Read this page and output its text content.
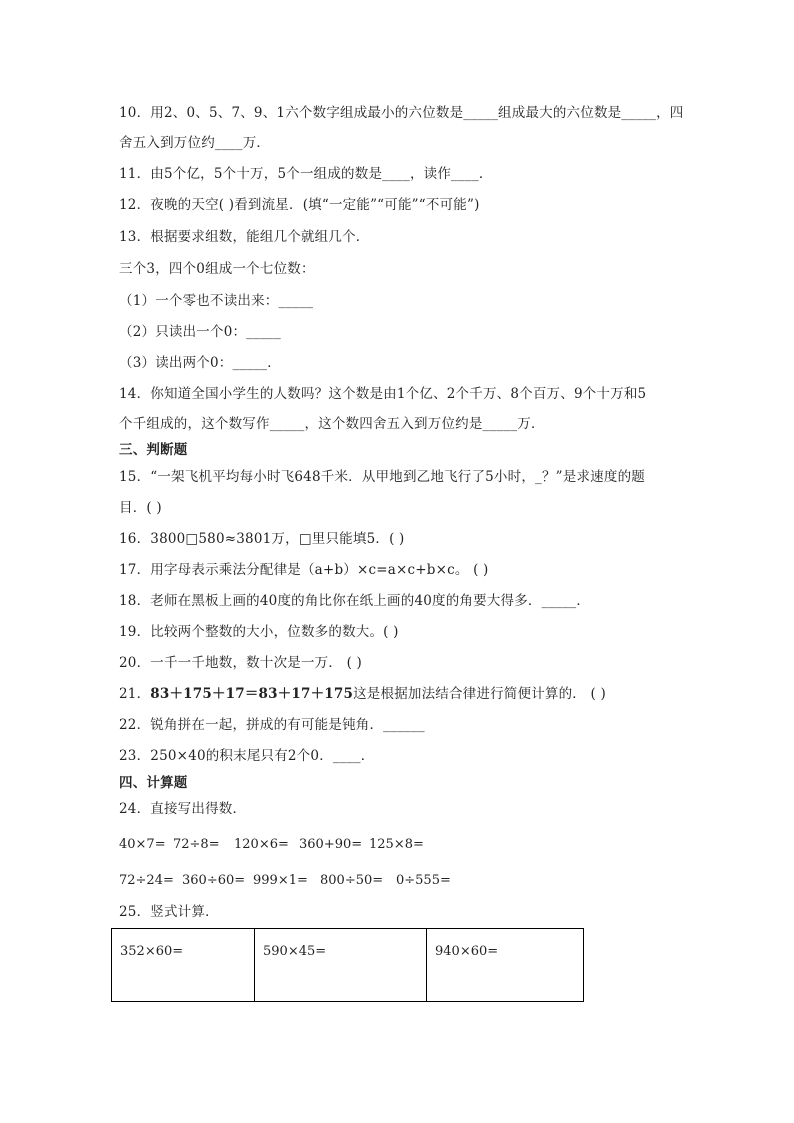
10．用2、0、5、7、9、1六个数字组成最小的六位数是_____组成最大的六位数是_____，四
舍五入到万位约____万．
11．由5个亿，5个十万，5个一组成的数是____，读作____．
12．夜晚的天空( )看到流星．(填“一定能”“可能”“不可能”)
13．根据要求组数，能组几个就组几个．
三个3，四个0组成一个七位数：
（1）一个零也不读出来：_____
（2）只读出一个0：_____
（3）读出两个0：_____．
14．你知道全国小学生的人数吗？这个数是由1个亿、2个千万、8个百万、9个十万和5
个千组成的，这个数写作_____，这个数四舍五入到万位约是_____万．
三、判断题
15．“一架飞机平均每小时飞648千米．从甲地到乙地飞行了5小时，_？”是求速度的题
目．( )
16．3800□580≈3801万，□里只能填5．( )
17．用字母表示乘法分配律是（a+b）×c=a×c+b×c。 ( )
18．老师在黑板上画的40度的角比你在纸上画的40度的角要大得多．_____．
19．比较两个整数的大小，位数多的数大。( )
20．一千一千地数，数十次是一万． ( )
21．83＋175＋17＝83＋17＋175这是根据加法结合律进行简便计算的． ( )
22．锐角拼在一起，拼成的有可能是钝角．______
23．250×40的积末尾只有2个0．____．
四、计算题
24．直接写出得数．
40×7= 72÷8= 120×6= 360+90= 125×8=
72÷24= 360÷60= 999×1= 800÷50= 0÷555=
25．竖式计算．
352×60=	590×45=	940×60=
